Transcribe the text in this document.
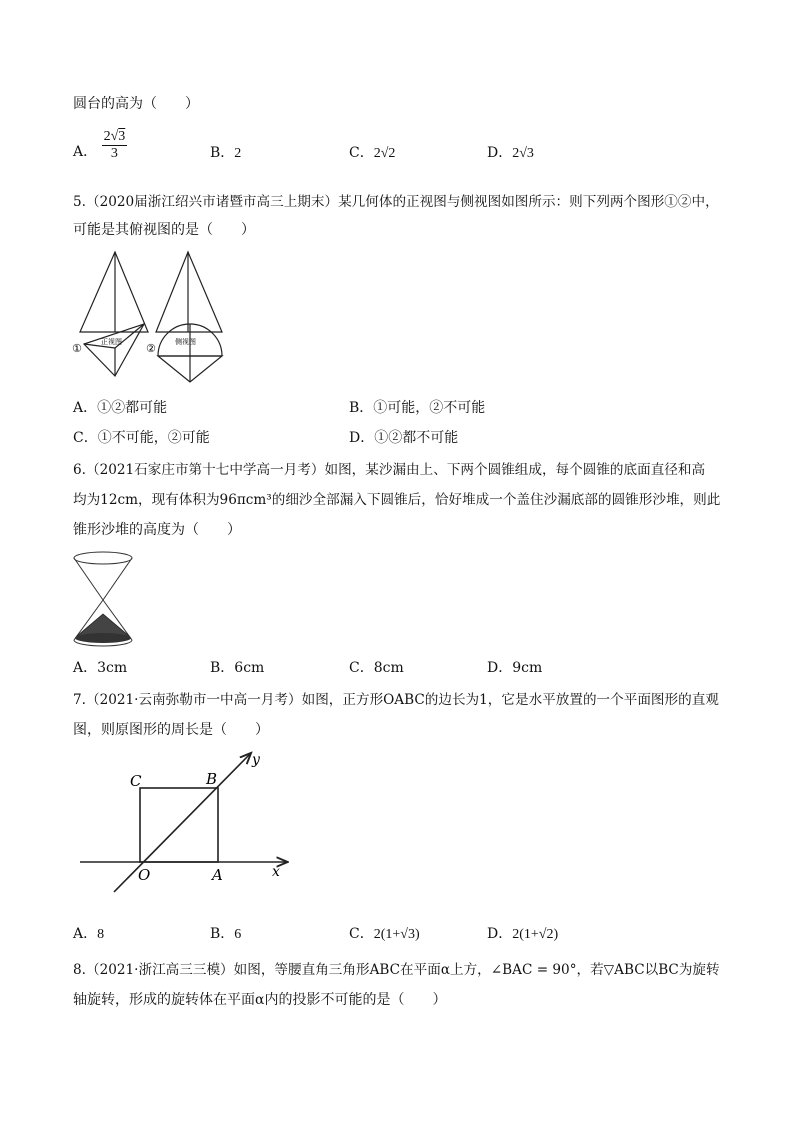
圆台的高为（　　）
A． $\frac{2√3}{3}$	B．2	C．2√2	D．2√3
5.（2020届浙江绍兴市诸暨市高三上期末）某几何体的正视图与侧视图如图所示：则下列两个图形①②中，
可能是其俯视图的是（　　）
正视图	侧视图
①	②
A．①②都可能	B．①可能，②不可能
C．①不可能，②可能	D．①②都不可能
6.（2021石家庄市第十七中学高一月考）如图，某沙漏由上、下两个圆锥组成，每个圆锥的底面直径和高
均为12cm，现有体积为96πcm³的细沙全部漏入下圆锥后，恰好堆成一个盖住沙漏底部的圆锥形沙堆，则此
锥形沙堆的高度为（　　）
A．3cm	B．6cm	C．8cm	D．9cm
7.（2021·云南弥勒市一中高一月考）如图，正方形OABC的边长为1，它是水平放置的一个平面图形的直观
图，则原图形的周长是（　　）
C	B
O	A	x
y
A．8	B．6	C．2(1+√3)	D．2(1+√2)
8.（2021·浙江高三三模）如图，等腰直角三角形ABC在平面α上方，∠BAC = 90°，若▽ABC以BC为旋转
轴旋转，形成的旋转体在平面α内的投影不可能的是（　　）
